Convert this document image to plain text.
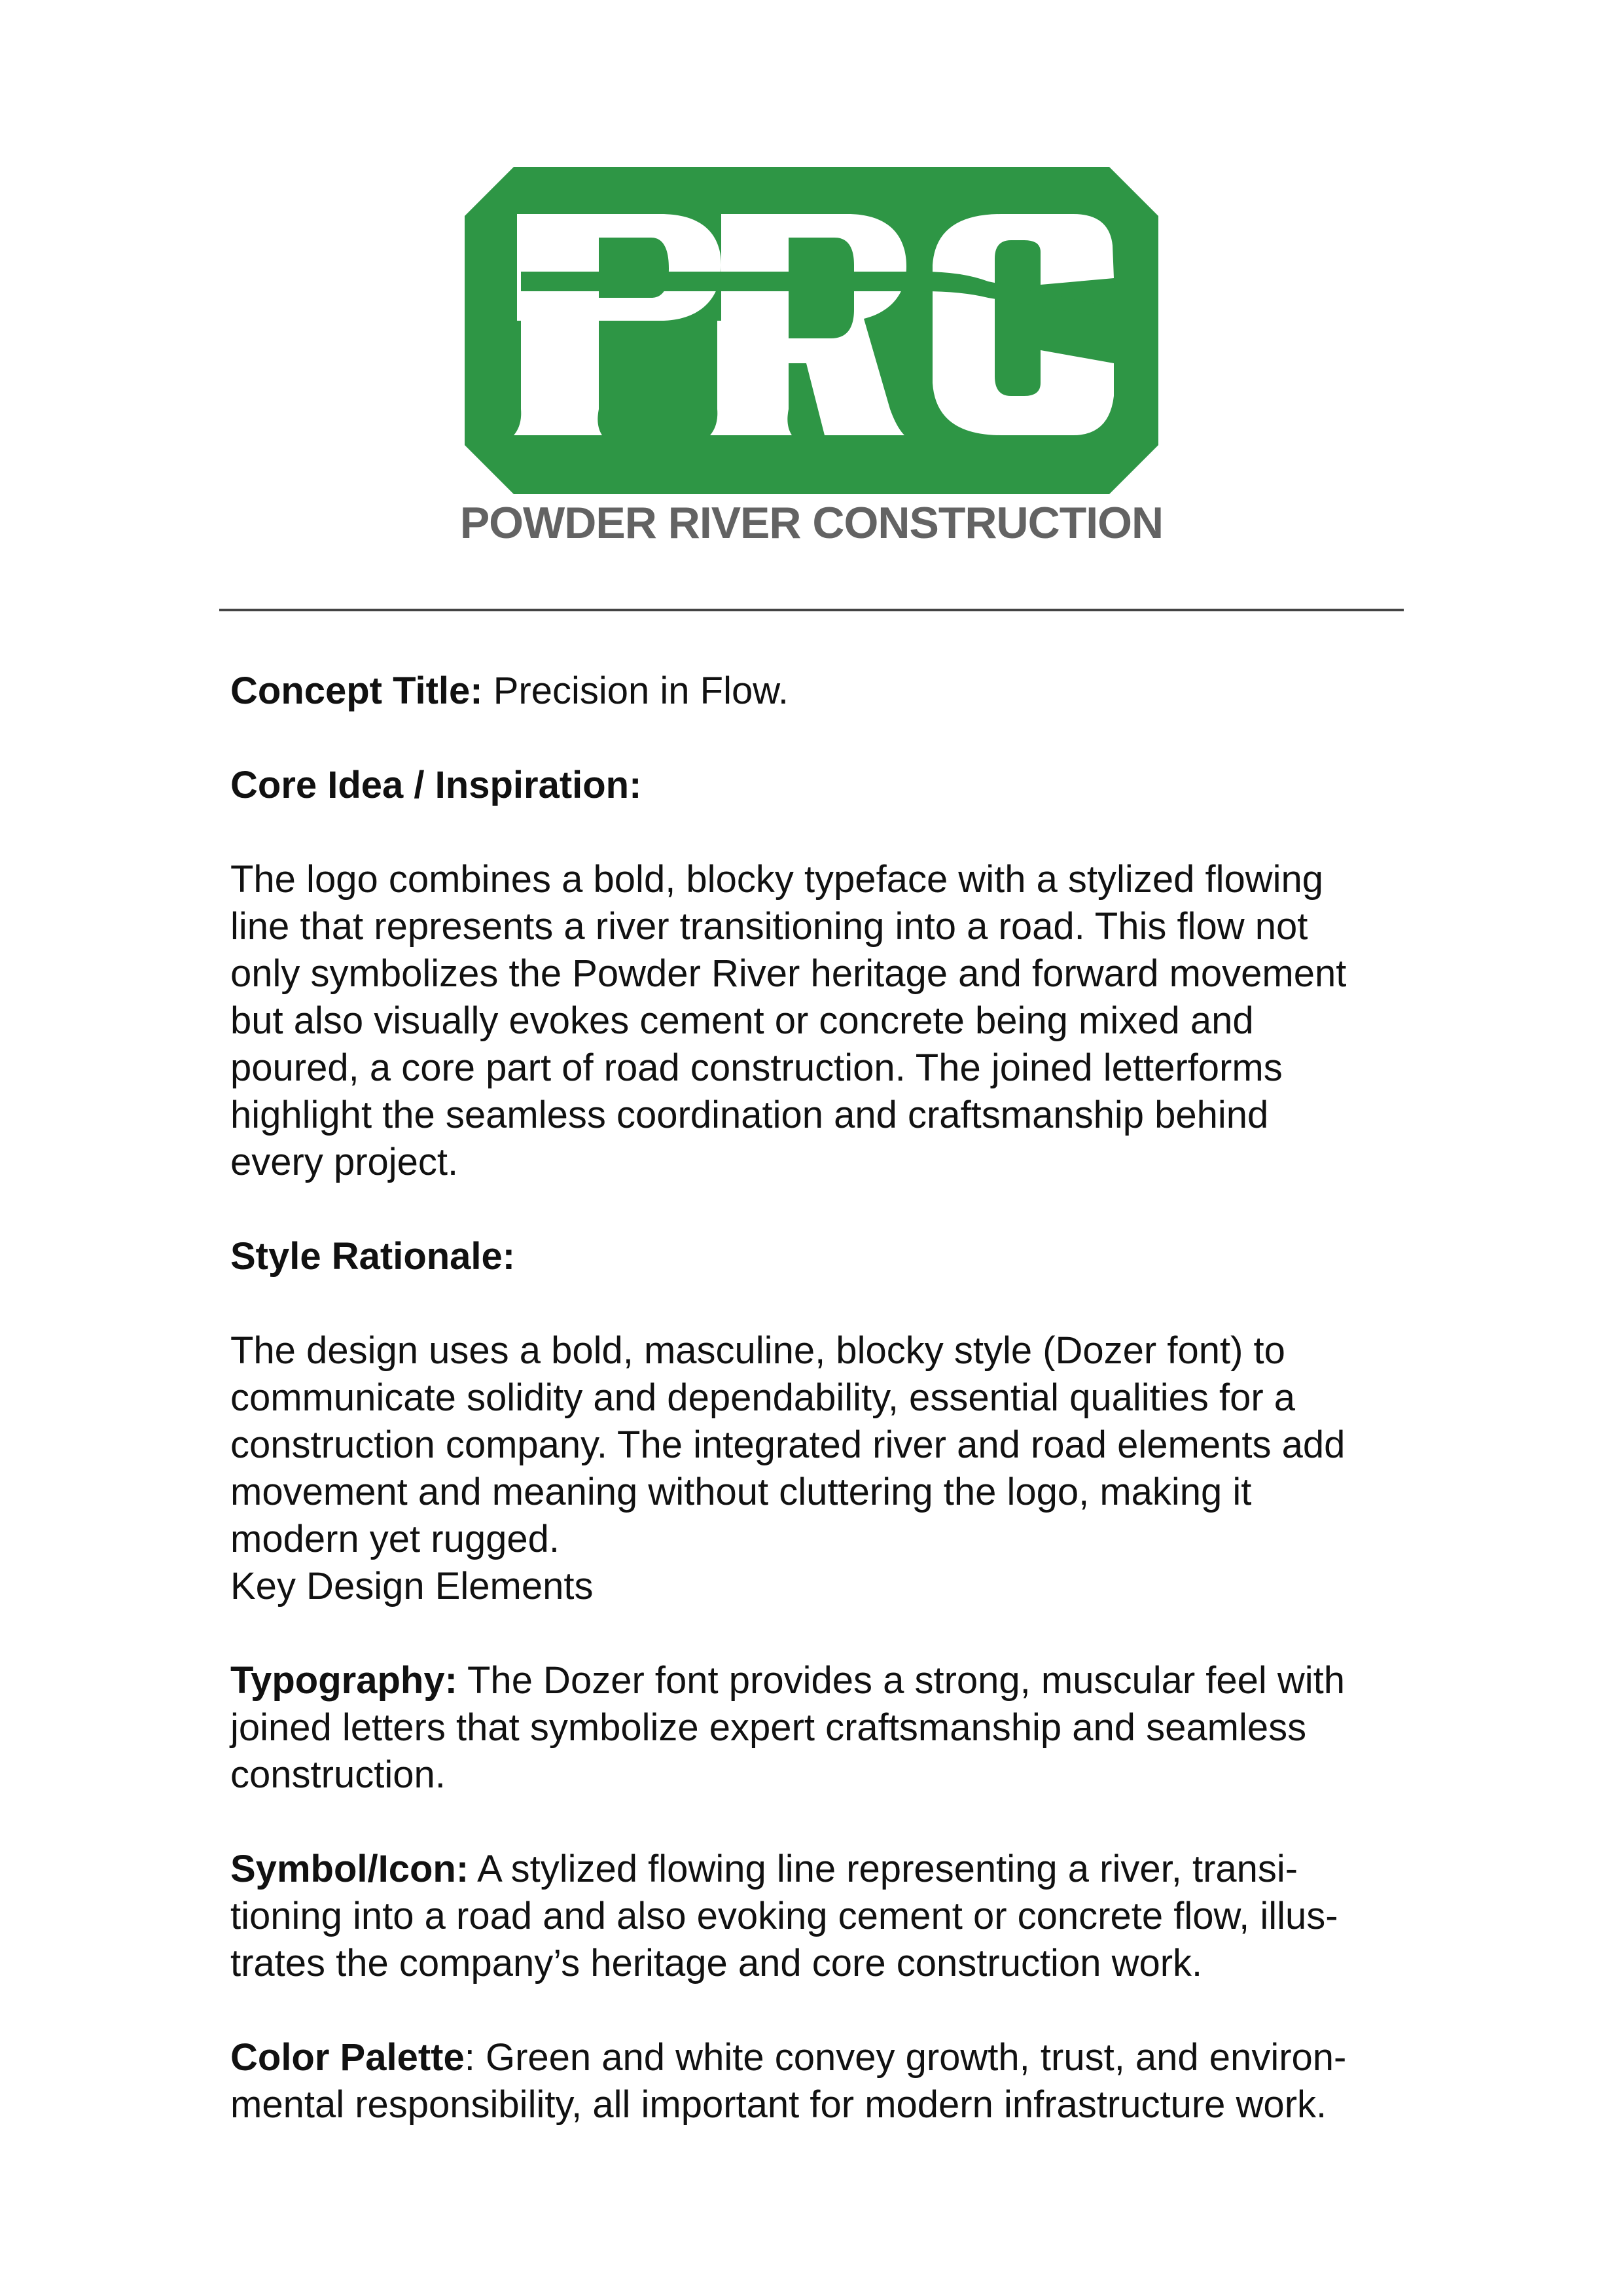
POWDER RIVER CONSTRUCTION

Concept Title: Precision in Flow.

Core Idea / Inspiration:

The logo combines a bold, blocky typeface with a stylized flowing
line that represents a river transitioning into a road. This flow not
only symbolizes the Powder River heritage and forward movement
but also visually evokes cement or concrete being mixed and
poured, a core part of road construction. The joined letterforms
highlight the seamless coordination and craftsmanship behind
every project.

Style Rationale:

The design uses a bold, masculine, blocky style (Dozer font) to
communicate solidity and dependability, essential qualities for a
construction company. The integrated river and road elements add
movement and meaning without cluttering the logo, making it
modern yet rugged.
Key Design Elements

Typography: The Dozer font provides a strong, muscular feel with
joined letters that symbolize expert craftsmanship and seamless
construction.

Symbol/Icon: A stylized flowing line representing a river, transi-
tioning into a road and also evoking cement or concrete flow, illus-
trates the company’s heritage and core construction work.

Color Palette: Green and white convey growth, trust, and environ-
mental responsibility, all important for modern infrastructure work.
